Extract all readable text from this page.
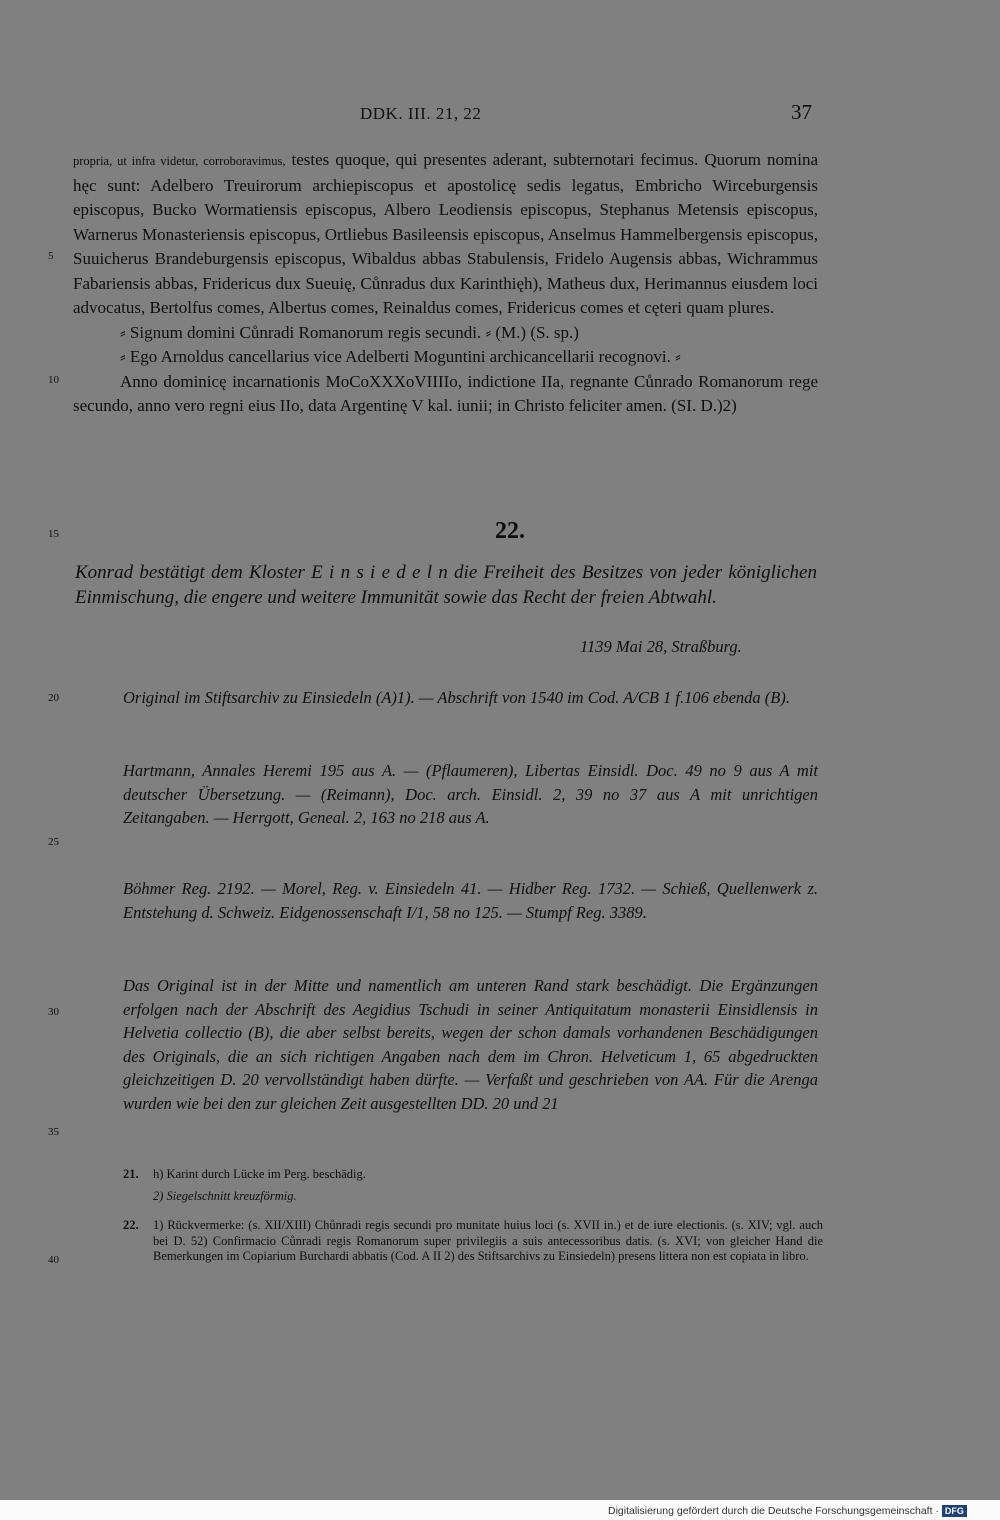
DDK. III. 21, 22	37
5
10
15
20
25
30
35
40

propria, ut infra videtur, corroboravimus, testes quoque, qui presentes aderant, subternotari fecimus. Quorum nomina hęc sunt: Adelbero Treuirorum archiepiscopus et apostolicę sedis legatus, Embricho Wirceburgensis episcopus, Bucko Wormatiensis episcopus, Albero Leodiensis episcopus, Stephanus Metensis episcopus, Warnerus Monasteriensis episcopus, Ortliebus Basileensis episcopus, Anselmus Hammelbergensis episcopus, Suuicherus Brandeburgensis episcopus, Wibaldus abbas Stabulensis, Fridelo Augensis abbas, Wichrammus Fabariensis abbas, Fridericus dux Sueuię, Cůnradus dux Karinthięh), Matheus dux, Herimannus eiusdem loci advocatus, Bertolfus comes, Albertus comes, Reinaldus comes, Fridericus comes et cęteri quam plures.

⸗ Signum domini Cůnradi Romanorum regis secundi. ⸗ (M.) (S. sp.)

⸗ Ego Arnoldus cancellarius vice Adelberti Moguntini archicancellarii recognovi. ⸗

Anno dominicę incarnationis MoCoXXXoVIIIIo, indictione IIa, regnante Cůnrado Romanorum rege secundo, anno vero regni eius IIo, data Argentinę V kal. iunii; in Christo feliciter amen. (SI. D.)2)

22.

Konrad bestätigt dem Kloster E i n s i e d e l n die Freiheit des Besitzes von jeder königlichen Einmischung, die engere und weitere Immunität sowie das Recht der freien Abtwahl.

1139 Mai 28, Straßburg.

Original im Stiftsarchiv zu Einsiedeln (A)1). — Abschrift von 1540 im Cod. A/CB 1 f.106 ebenda (B).

Hartmann, Annales Heremi 195 aus A. — (Pflaumeren), Libertas Einsidl. Doc. 49 no 9 aus A mit deutscher Übersetzung. — (Reimann), Doc. arch. Einsidl. 2, 39 no 37 aus A mit unrichtigen Zeitangaben. — Herrgott, Geneal. 2, 163 no 218 aus A.

Böhmer Reg. 2192. — Morel, Reg. v. Einsiedeln 41. — Hidber Reg. 1732. — Schieß, Quellenwerk z. Entstehung d. Schweiz. Eidgenossenschaft I/1, 58 no 125. — Stumpf Reg. 3389.

Das Original ist in der Mitte und namentlich am unteren Rand stark beschädigt. Die Ergänzungen erfolgen nach der Abschrift des Aegidius Tschudi in seiner Antiquitatum monasterii Einsidlensis in Helvetia collectio (B), die aber selbst bereits, wegen der schon damals vorhandenen Beschädigungen des Originals, die an sich richtigen Angaben nach dem im Chron. Helveticum 1, 65 abgedruckten gleichzeitigen D. 20 vervollständigt haben dürfte. — Verfaßt und geschrieben von AA. Für die Arenga wurden wie bei den zur gleichen Zeit ausgestellten DD. 20 und 21

21. h) Karint durch Lücke im Perg. beschädig.
2) Siegelschnitt kreuzförmig.
22. 1) Rückvermerke: (s. XII/XIII) Chůnradi regis secundi pro munitate huius loci (s. XVII in.) et de iure electionis. (s. XIV; vgl. auch bei D. 52) Confirmacio Cůnradi regis Romanorum super privilegiis a suis antecessoribus datis. (s. XVI; von gleicher Hand die Bemerkungen im Copiarium Burchardi abbatis (Cod. A II 2) des Stiftsarchivs zu Einsiedeln) presens littera non est copiata in libro.
Digitalisierung gefördert durch die Deutsche Forschungsgemeinschaft · DFG
